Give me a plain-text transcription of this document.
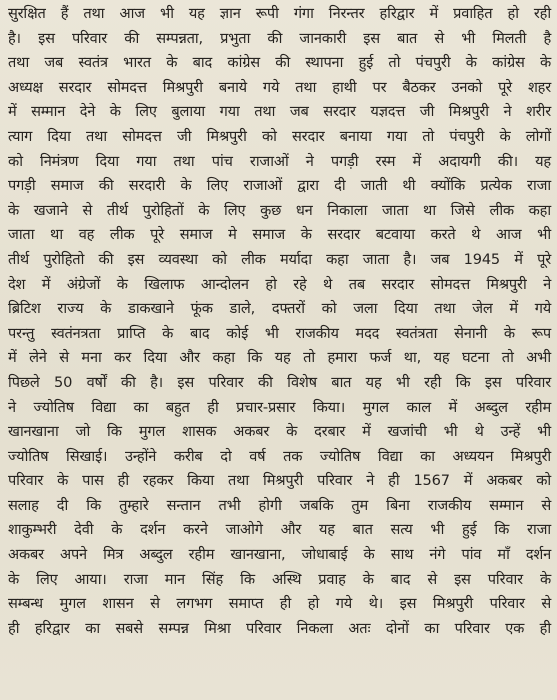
सुरक्षित हैं तथा आज भी यह ज्ञान रूपी गंगा निरन्तर हरिद्वार में प्रवाहित हो रही
है। इस परिवार की सम्पन्नता, प्रभुता की जानकारी इस बात से भी मिलती है
तथा जब स्वतंत्र भारत के बाद कांग्रेस की स्थापना हुई तो पंचपुरी के कांग्रेस के
अध्यक्ष सरदार सोमदत्त मिश्रपुरी बनाये गये तथा हाथी पर बैठकर उनको पूरे शहर
में सम्मान देने के लिए बुलाया गया तथा जब सरदार यज्ञदत्त जी मिश्रपुरी ने शरीर
त्याग दिया तथा सोमदत्त जी मिश्रपुरी को सरदार बनाया गया तो पंचपुरी के लोगों
को निमंत्रण दिया गया तथा पांच राजाओं ने पगड़ी रस्म में अदायगी की। यह
पगड़ी समाज की सरदारी के लिए राजाओं द्वारा दी जाती थी क्योंकि प्रत्येक राजा
के खजाने से तीर्थ पुरोहितों के लिए कुछ धन निकाला जाता था जिसे लीक कहा
जाता था वह लीक पूरे समाज मे समाज के सरदार बटवाया करते थे आज भी
तीर्थ पुरोहितो की इस व्यवस्था को लीक मर्यादा कहा जाता है। जब 1945 में पूरे
देश में अंग्रेजों के खिलाफ आन्दोलन हो रहे थे तब सरदार सोमदत्त मिश्रपुरी ने
ब्रिटिश राज्य के डाकखाने फूंक डाले, दफ्तरों को जला दिया तथा जेल में गये
परन्तु स्वतंनत्रता प्राप्ति के बाद कोई भी राजकीय मदद स्वतंत्रता सेनानी के रूप
में लेने से मना कर दिया और कहा कि यह तो हमारा फर्ज था, यह घटना तो अभी
पिछले 50 वर्षों की है। इस परिवार की विशेष बात यह भी रही कि इस परिवार
ने ज्योतिष विद्या का बहुत ही प्रचार-प्रसार किया। मुगल काल में अब्दुल रहीम
खानखाना जो कि मुगल शासक अकबर के दरबार में खजांची भी थे उन्हें भी
ज्योतिष सिखाई। उन्होंने करीब दो वर्ष तक ज्योतिष विद्या का अध्ययन मिश्रपुरी
परिवार के पास ही रहकर किया तथा मिश्रपुरी परिवार ने ही 1567 में अकबर को
सलाह दी कि तुम्हारे सन्तान तभी होगी जबकि तुम बिना राजकीय सम्मान से
शाकुम्भरी देवी के दर्शन करने जाओगे और यह बात सत्य भी हुई कि राजा
अकबर अपने मित्र अब्दुल रहीम खानखाना, जोधाबाई के साथ नंगे पांव माँ दर्शन
के लिए आया। राजा मान सिंह कि अस्थि प्रवाह के बाद से इस परिवार के
सम्बन्ध मुगल शासन से लगभग समाप्त ही हो गये थे। इस मिश्रपुरी परिवार से
ही हरिद्वार का सबसे सम्पन्न मिश्रा परिवार निकला अतः दोनों का परिवार एक ही
